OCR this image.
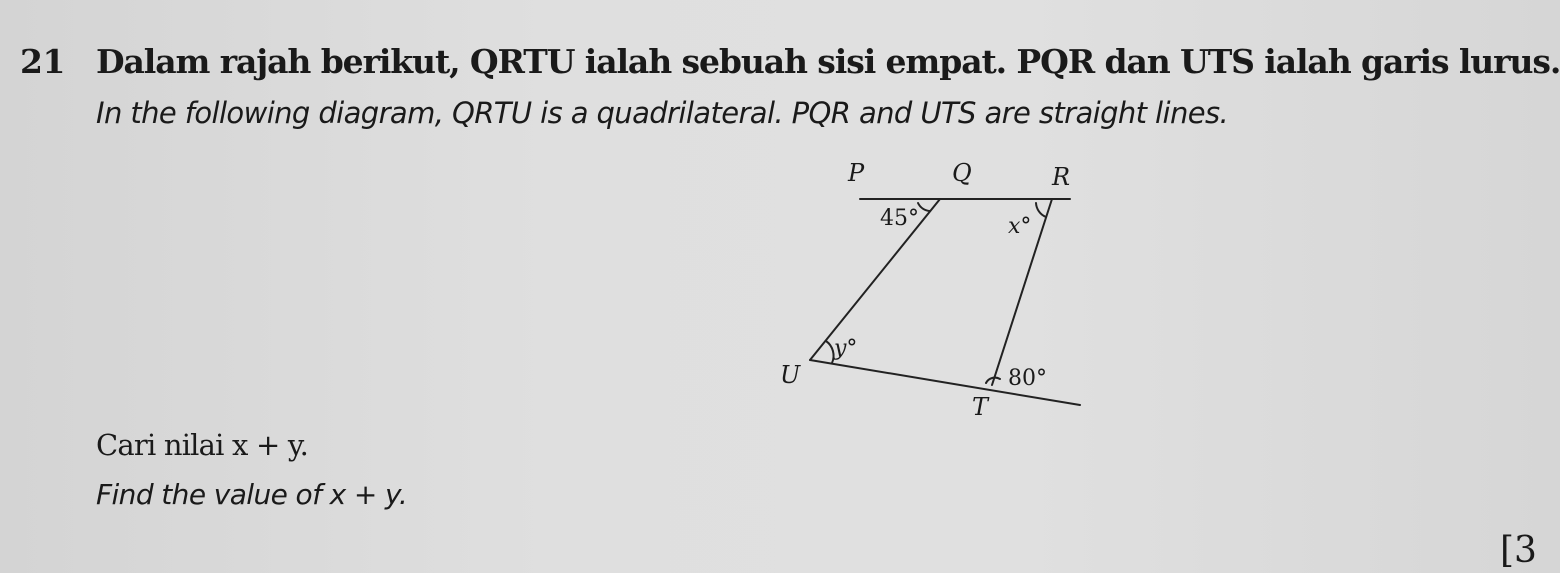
21 Dalam rajah berikut, QRTU ialah sebuah sisi empat. PQR dan UTS ialah garis lurus.
In the following diagram, QRTU is a quadrilateral. PQR and UTS are straight lines.
P	Q	R
45°	x°
y°
U	80°
T
Cari nilai x + y.
Find the value of x + y.
[3
